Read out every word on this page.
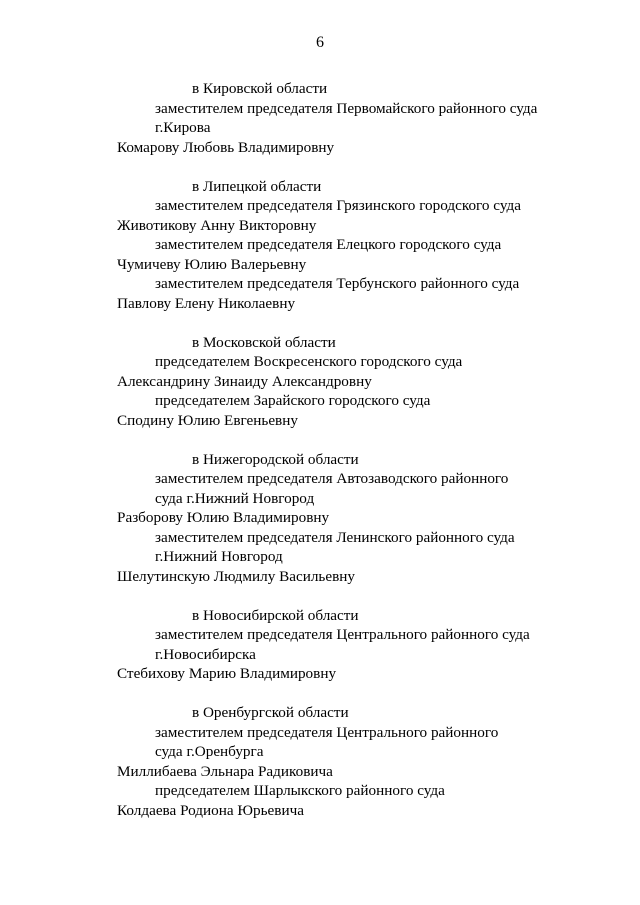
6
в Кировской области
заместителем председателя Первомайского районного суда
г.Кирова
Комарову Любовь Владимировну
в Липецкой области
заместителем председателя Грязинского городского суда
Животикову Анну Викторовну
заместителем председателя Елецкого городского суда
Чумичеву Юлию Валерьевну
заместителем председателя Тербунского районного суда
Павлову Елену Николаевну
в Московской области
председателем Воскресенского городского суда
Александрину Зинаиду Александровну
председателем Зарайского городского суда
Сподину Юлию Евгеньевну
в Нижегородской области
заместителем председателя Автозаводского районного
суда г.Нижний Новгород
Разборову Юлию Владимировну
заместителем председателя Ленинского районного суда
г.Нижний Новгород
Шелутинскую Людмилу Васильевну
в Новосибирской области
заместителем председателя Центрального районного суда
г.Новосибирска
Стебихову Марию Владимировну
в Оренбургской области
заместителем председателя Центрального районного
суда г.Оренбурга
Миллибаева Эльнара Радиковича
председателем Шарлыкского районного суда
Колдаева Родиона Юрьевича
